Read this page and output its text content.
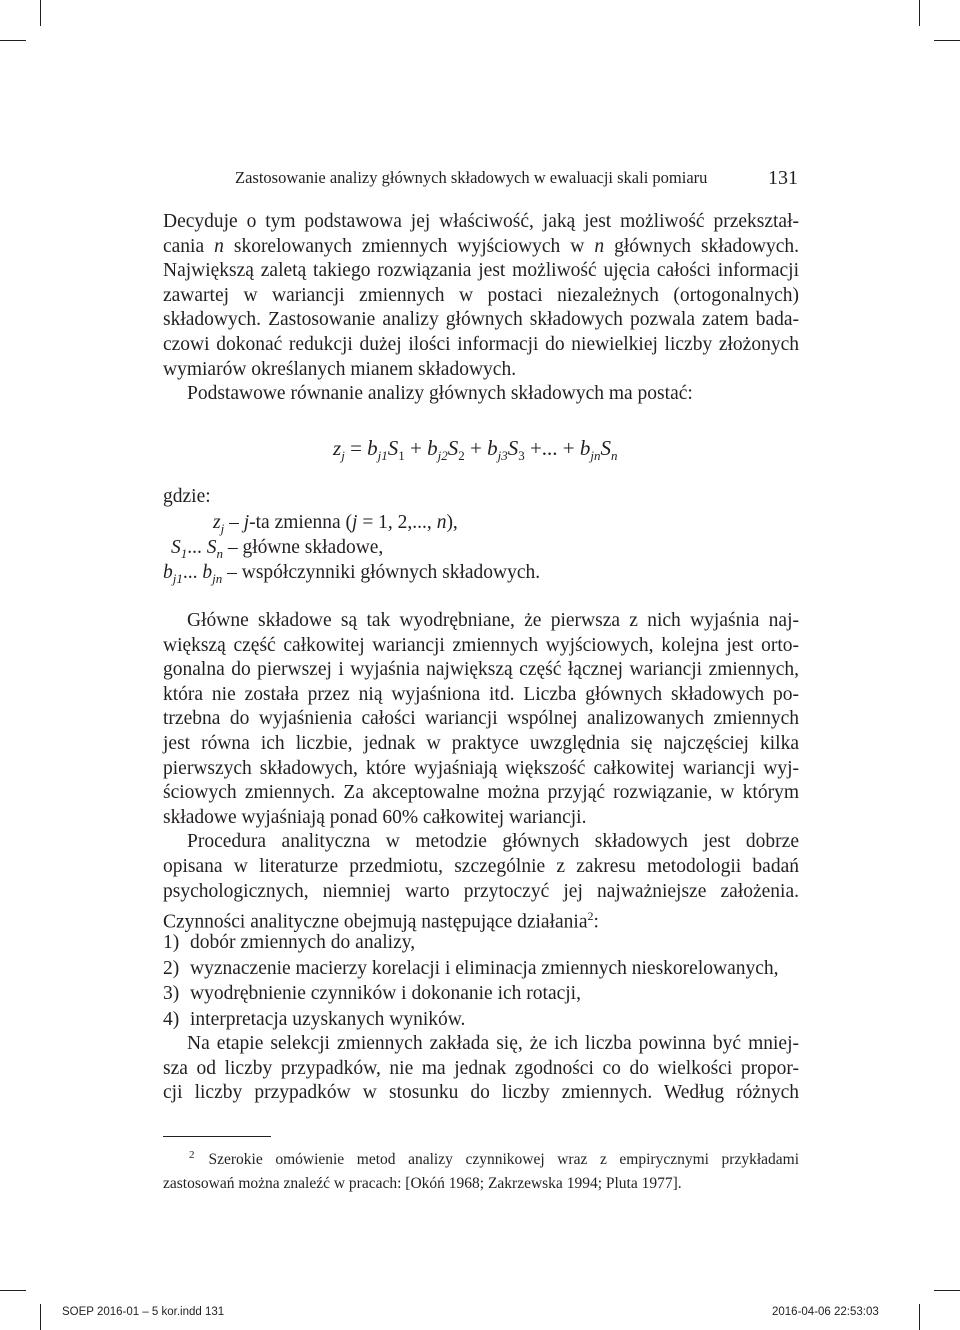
Zastosowanie analizy głównych składowych w ewaluacji skali pomiaru	131

Decyduje o tym podstawowa jej właściwość, jaką jest możliwość przekształ-

cania n skorelowanych zmiennych wyjściowych w n głównych składowych.

Największą zaletą takiego rozwiązania jest możliwość ujęcia całości informacji

zawartej w wariancji zmiennych w postaci niezależnych (ortogonalnych)

składowych. Zastosowanie analizy głównych składowych pozwala zatem bada-

czowi dokonać redukcji dużej ilości informacji do niewielkiej liczby złożonych

wymiarów określanych mianem składowych.

Podstawowe równanie analizy głównych składowych ma postać:

$z_j = b_{j1}S_1 + b_{j2}S_2 + b_{j3}S_3$ +... + $b_{jn}S_n$
gdzie:
$z_j - j-ta$ zmienna (j = 1, 2,..., n),
$S_1$... $S_n$ – główne składowe,
$b_{j1}$... $b_{jn}$ – współczynniki głównych składowych.

Główne składowe są tak wyodrębniane, że pierwsza z nich wyjaśnia naj-

większą część całkowitej wariancji zmiennych wyjściowych, kolejna jest orto-

gonalna do pierwszej i wyjaśnia największą część łącznej wariancji zmiennych,

która nie została przez nią wyjaśniona itd. Liczba głównych składowych po-

trzebna do wyjaśnienia całości wariancji wspólnej analizowanych zmiennych

jest równa ich liczbie, jednak w praktyce uwzględnia się najczęściej kilka

pierwszych składowych, które wyjaśniają większość całkowitej wariancji wyj-

ściowych zmiennych. Za akceptowalne można przyjąć rozwiązanie, w którym

składowe wyjaśniają ponad 60% całkowitej wariancji.

Procedura analityczna w metodzie głównych składowych jest dobrze

opisana w literaturze przedmiotu, szczególnie z zakresu metodologii badań

psychologicznych, niemniej warto przytoczyć jej najważniejsze założenia.

Czynności analityczne obejmują następujące działania$^2$:

1) dobór zmiennych do analizy,
2) wyznaczenie macierzy korelacji i eliminacja zmiennych nieskorelowanych,
3) wyodrębnienie czynników i dokonanie ich rotacji,
4) interpretacja uzyskanych wyników.

Na etapie selekcji zmiennych zakłada się, że ich liczba powinna być mniej-

sza od liczby przypadków, nie ma jednak zgodności co do wielkości propor-

cji liczby przypadków w stosunku do liczby zmiennych. Według różnych

$^2$ Szerokie omówienie metod analizy czynnikowej wraz z empirycznymi przykładami

zastosowań można znaleźć w pracach: [Okóń 1968; Zakrzewska 1994; Pluta 1977].

SOEP 2016-01 – 5 kor.indd 131	2016-04-06 22:53:03
